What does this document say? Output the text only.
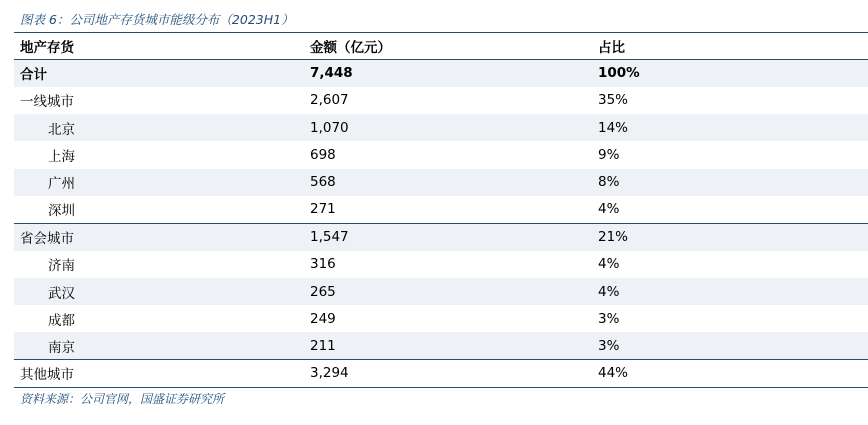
图表 6：公司地产存货城市能级分布（2023H1）
地产存货	金额（亿元）	占比
合计	7,448	100%
一线城市	2,607	35%
北京	1,070	14%
上海	698	9%
广州	568	8%
深圳	271	4%
省会城市	1,547	21%
济南	316	4%
武汉	265	4%
成都	249	3%
南京	211	3%
其他城市	3,294	44%
资料来源：公司官网，国盛证券研究所
